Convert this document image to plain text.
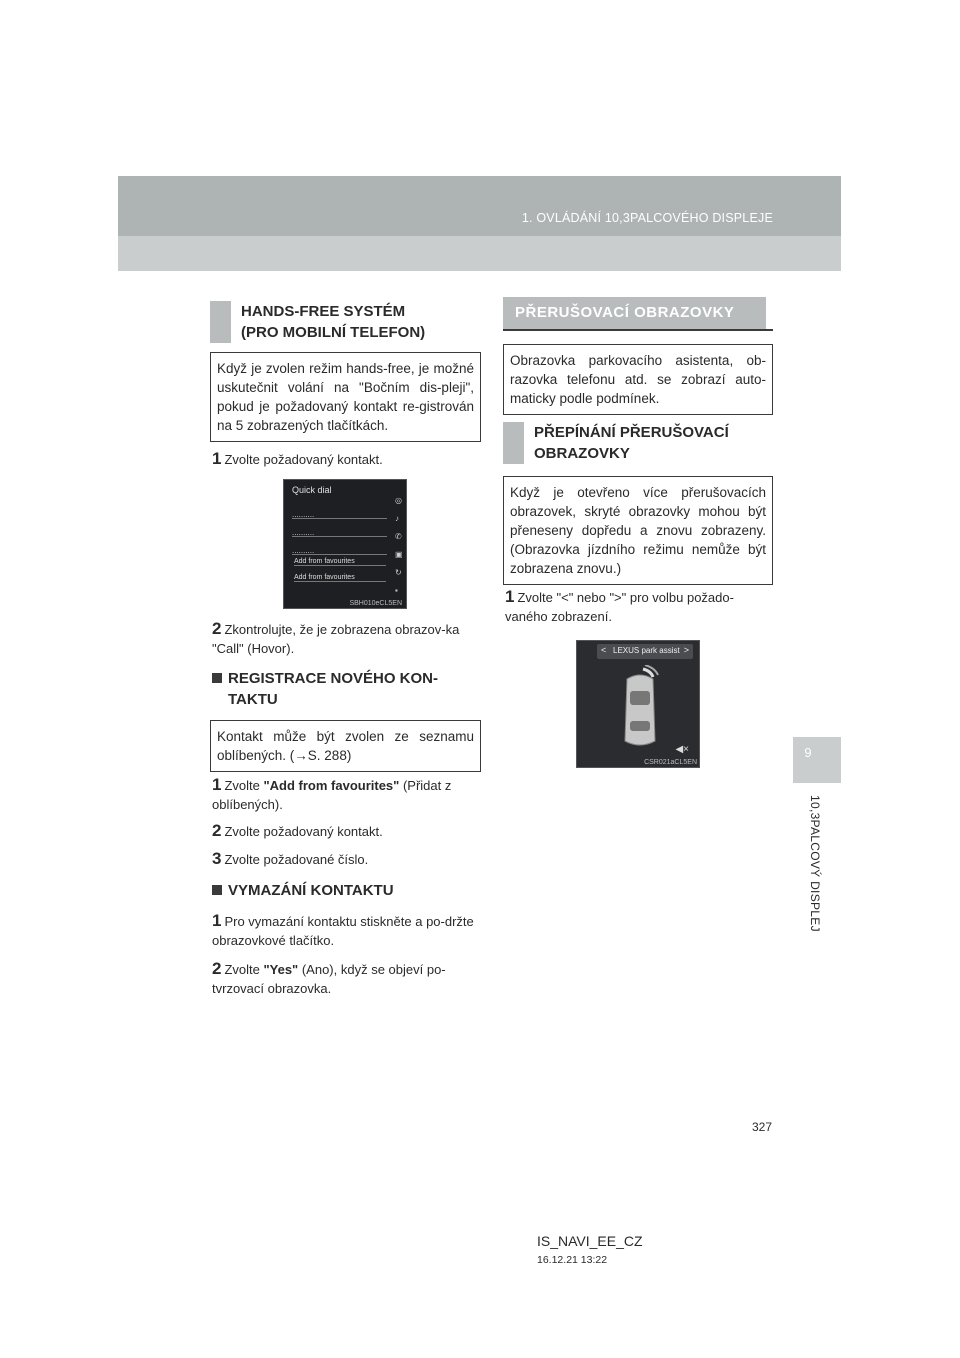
1. OVLÁDÁNÍ 10,3PALCOVÉHO DISPLEJE
9
10,3PALCOVÝ DISPLEJ
HANDS-FREE SYSTÉM
(PRO MOBILNÍ TELEFON)
Když je zvolen režim hands-free, je možné uskutečnit volání na "Bočním dis-pleji", pokud je požadovaný kontakt re-gistrován na 5 zobrazených tlačítkách.
1 Zvolte požadovaný kontakt.
Quick dial
..........
..........
..........
Add from favourites
Add from favourites
◎
♪
✆
▣
↻
▪
SBH010eCL5EN
2 Zkontrolujte, že je zobrazena obrazov-ka "Call" (Hovor).
REGISTRACE NOVÉHO KON-
TAKTU
Kontakt může být zvolen ze seznamu oblíbených. (→S. 288)
1 Zvolte "Add from favourites" (Přidat z oblíbených).
2 Zvolte požadovaný kontakt.
3 Zvolte požadované číslo.
VYMAZÁNÍ KONTAKTU
1 Pro vymazání kontaktu stiskněte a po-držte obrazovkové tlačítko.
2 Zvolte "Yes" (Ano), když se objeví po-tvrzovací obrazovka.
PŘERUŠOVACÍ OBRAZOVKY
Obrazovka parkovacího asistenta, ob-razovka telefonu atd. se zobrazí auto-maticky podle podmínek.
PŘEPÍNÁNÍ PŘERUŠOVACÍ
OBRAZOVKY
Když je otevřeno více přerušovacích obrazovek, skryté obrazovky mohou být přeneseny dopředu a znovu zobrazeny. (Obrazovka jízdního režimu nemůže být zobrazena znovu.)
1 Zvolte "<" nebo ">" pro volbu požado-vaného zobrazení.
< LEXUS park assist >
◀×
CSR021aCL5EN
327
IS_NAVI_EE_CZ
16.12.21 13:22
